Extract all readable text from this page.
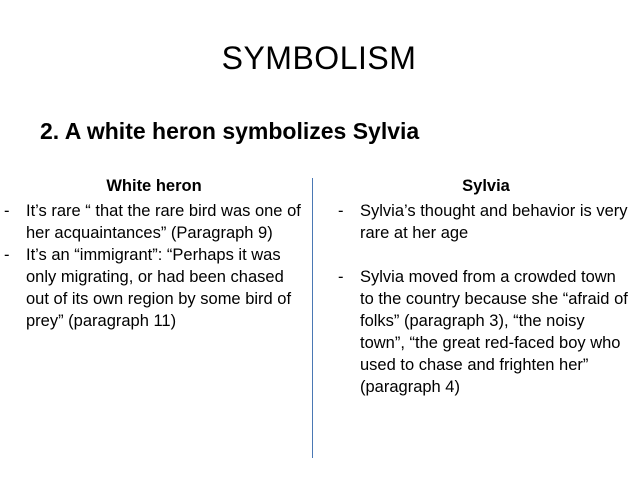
SYMBOLISM
2. A white heron symbolizes Sylvia
White heron
-	It’s rare “ that the rare bird was one of her acquaintances” (Paragraph 9)
-	It’s an “immigrant”: “Perhaps it was only migrating, or had been chased out of its own region by some bird of prey” (paragraph 11)
Sylvia
-	Sylvia’s thought and behavior is very rare at her age
-	Sylvia moved from a crowded town to the country because she “afraid of folks” (paragraph 3), “the noisy town”, “the great red-faced boy who used to chase and frighten her” (paragraph 4)
